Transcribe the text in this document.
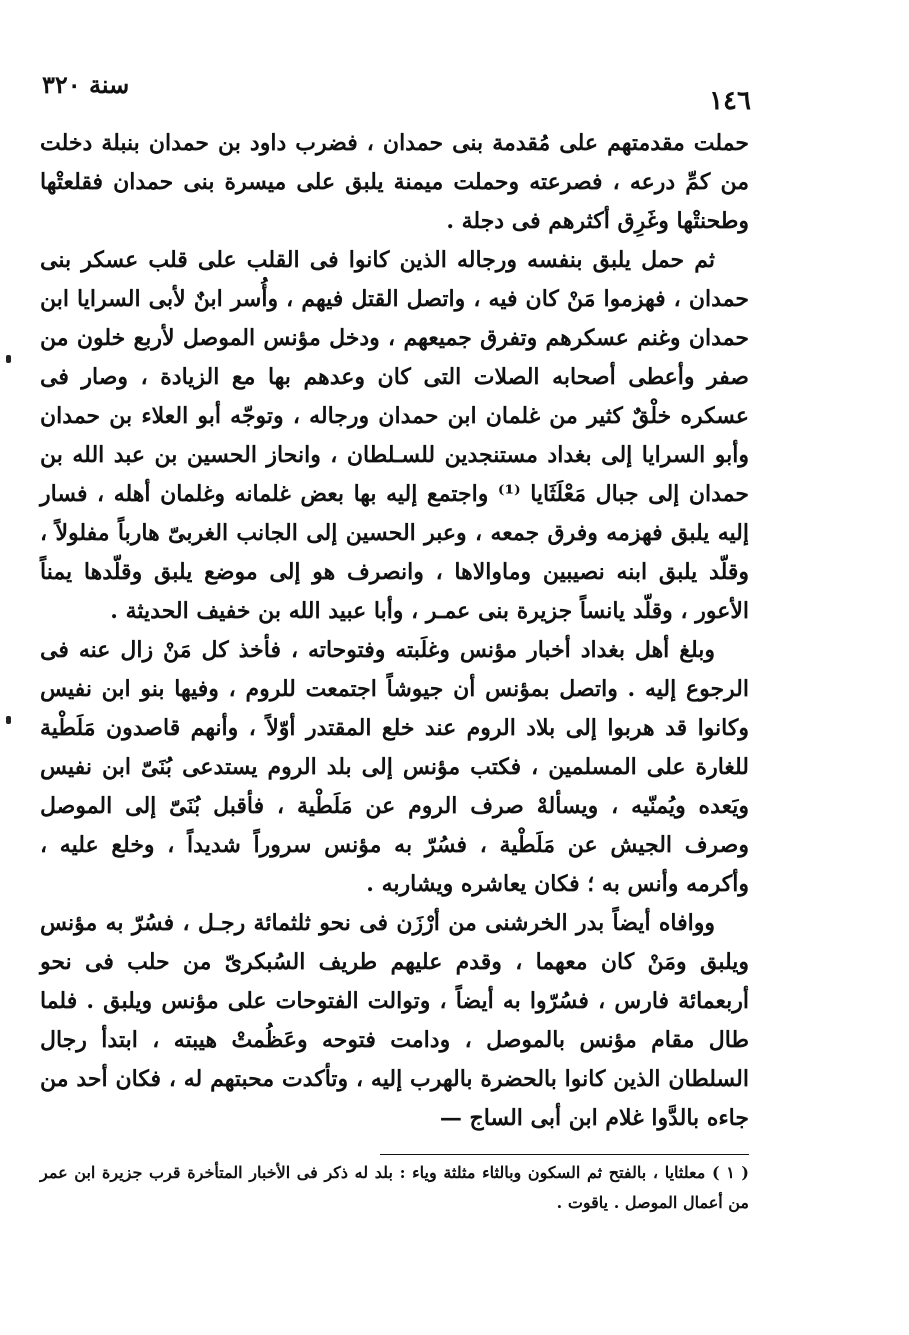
سنة ٣٢٠
١٤٦

حملت مقدمتهم على مُقدمة بنى حمدان ، فضرب داود بن حمدان بنبلة دخلت من كمِّ درعه ، فصرعته وحملت ميمنة يلبق على ميسرة بنى حمدان فقلعتْها وطحنتْها وغَرِق أكثرهم فى دجلة .

ثم حمل يلبق بنفسه ورجاله الذين كانوا فى القلب على قلب عسكر بنى حمدان ، فهزموا مَنْ كان فيه ، واتصل القتل فيهم ، وأُسر ابنٌ لأبى السرايا ابن حمدان وغنم عسكرهم وتفرق جميعهم ، ودخل مؤنس الموصل لأربع خلون من صفر وأعطى أصحابه الصلات التى كان وعدهم بها مع الزيادة ، وصار فى عسكره خلْقٌ كثير من غلمان ابن حمدان ورجاله ، وتوجّه أبو العلاء بن حمدان وأبو السرايا إلى بغداد مستنجدين للسـلطان ، وانحاز الحسين بن عبد الله بن حمدان إلى جبال مَعْلَثَايا ⁽¹⁾ واجتمع إليه بها بعض غلمانه وغلمان أهله ، فسار إليه يلبق فهزمه وفرق جمعه ، وعبر الحسين إلى الجانب الغربىّ هارباً مفلولاً ، وقلّد يلبق ابنه نصيبين وماوالاها ، وانصرف هو إلى موضع يلبق وقلّدها يمناً الأعور ، وقلّد يانساً جزيرة بنى عمـر ، وأبا عبيد الله بن خفيف الحديثة .

وبلغ أهل بغداد أخبار مؤنس وغلَبته وفتوحاته ، فأخذ كل مَنْ زال عنه فى الرجوع إليه . واتصل بمؤنس أن جيوشاً اجتمعت للروم ، وفيها بنو ابن نفيس وكانوا قد هربوا إلى بلاد الروم عند خلع المقتدر أوّلاً ، وأنهم قاصدون مَلَطْية للغارة على المسلمين ، فكتب مؤنس إلى بلد الروم يستدعى بُنَىّ ابن نفيس ويَعده ويُمنّيه ، ويسألهْ صرف الروم عن مَلَطْية ، فأقبل بُنَىّ إلى الموصل وصرف الجيش عن مَلَطْية ، فسُرّ به مؤنس سروراً شديداً ، وخلع عليه ، وأكرمه وأنس به ؛ فكان يعاشره ويشاربه .

ووافاه أيضاً بدر الخرشنى من أرْزَن فى نحو ثلثمائة رجـل ، فسُرّ به مؤنس ويلبق ومَنْ كان معهما ، وقدم عليهم طريف السُبكرىّ من حلب فى نحو أربعمائة فارس ، فسُرّوا به أيضاً ، وتوالت الفتوحات على مؤنس ويلبق . فلما طال مقام مؤنس بالموصل ، ودامت فتوحه وعَظُمتْ هيبته ، ابتدأ رجال السلطان الذين كانوا بالحضرة بالهرب إليه ، وتأكدت محبتهم له ، فكان أحد من جاءه بالدَّوا غلام ابن أبى الساج —

( ١ ) معلثايا ، بالفتح ثم السكون وبالثاء مثلثة وياء : بلد له ذكر فى الأخبار المتأخرة قرب جزيرة ابن عمر من أعمال الموصل . ياقوت .
